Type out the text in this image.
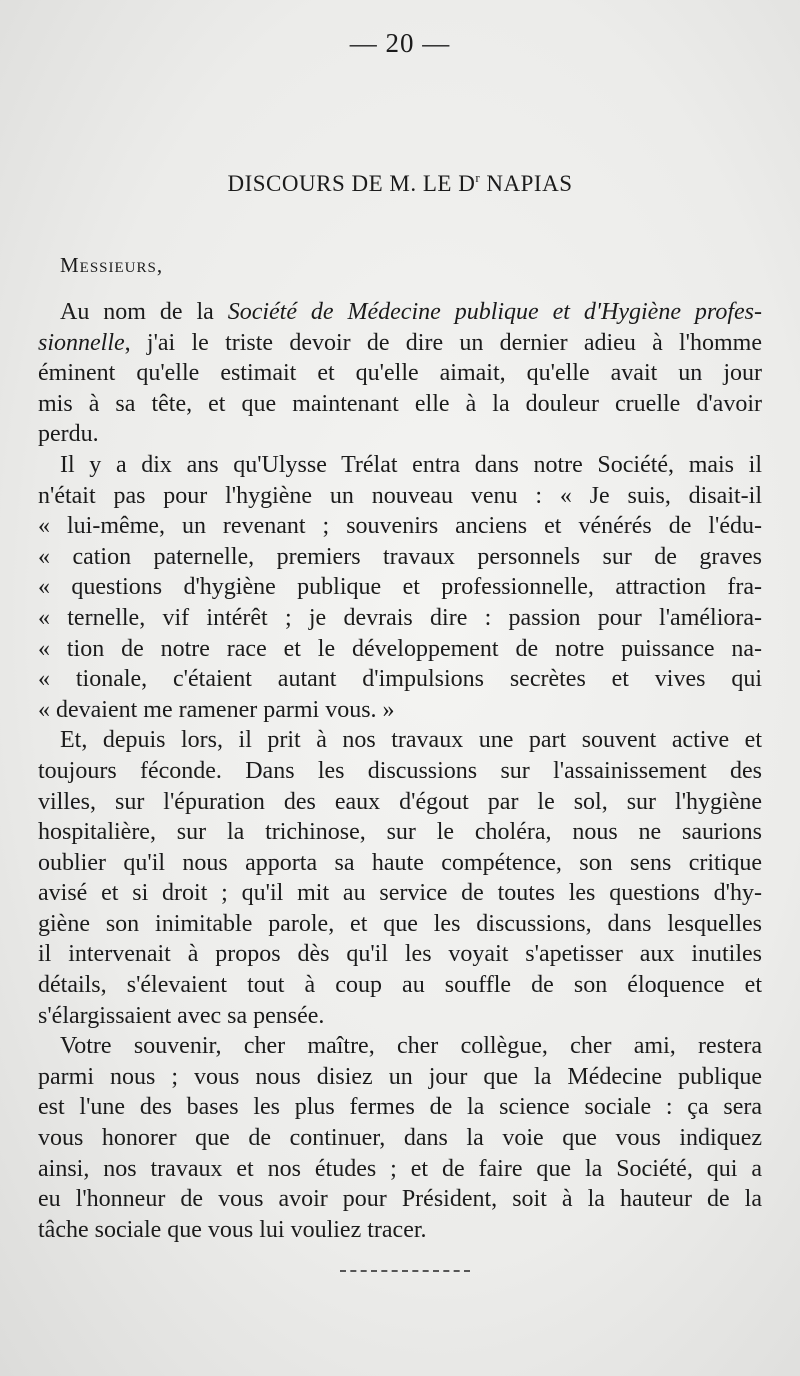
— 20 —
DISCOURS DE M. LE $D^r$ NAPIAS
Messieurs,

Au nom de la Société de Médecine publique et d'Hygiène profes-
sionnelle, j'ai le triste devoir de dire un dernier adieu à l'homme
éminent qu'elle estimait et qu'elle aimait, qu'elle avait un jour
mis à sa tête, et que maintenant elle à la douleur cruelle d'avoir
perdu.

Il y a dix ans qu'Ulysse Trélat entra dans notre Société, mais il
n'était pas pour l'hygiène un nouveau venu : « Je suis, disait-il
« lui-même, un revenant ; souvenirs anciens et vénérés de l'édu-
« cation paternelle, premiers travaux personnels sur de graves
« questions d'hygiène publique et professionnelle, attraction fra-
« ternelle, vif intérêt ; je devrais dire : passion pour l'améliora-
« tion de notre race et le développement de notre puissance na-
« tionale, c'étaient autant d'impulsions secrètes et vives qui
« devaient me ramener parmi vous. »

Et, depuis lors, il prit à nos travaux une part souvent active et
toujours féconde. Dans les discussions sur l'assainissement des
villes, sur l'épuration des eaux d'égout par le sol, sur l'hygiène
hospitalière, sur la trichinose, sur le choléra, nous ne saurions
oublier qu'il nous apporta sa haute compétence, son sens critique
avisé et si droit ; qu'il mit au service de toutes les questions d'hy-
giène son inimitable parole, et que les discussions, dans lesquelles
il intervenait à propos dès qu'il les voyait s'apetisser aux inutiles
détails, s'élevaient tout à coup au souffle de son éloquence et
s'élargissaient avec sa pensée.

Votre souvenir, cher maître, cher collègue, cher ami, restera
parmi nous ; vous nous disiez un jour que la Médecine publique
est l'une des bases les plus fermes de la science sociale : ça sera
vous honorer que de continuer, dans la voie que vous indiquez
ainsi, nos travaux et nos études ; et de faire que la Société, qui a
eu l'honneur de vous avoir pour Président, soit à la hauteur de la
tâche sociale que vous lui vouliez tracer.
